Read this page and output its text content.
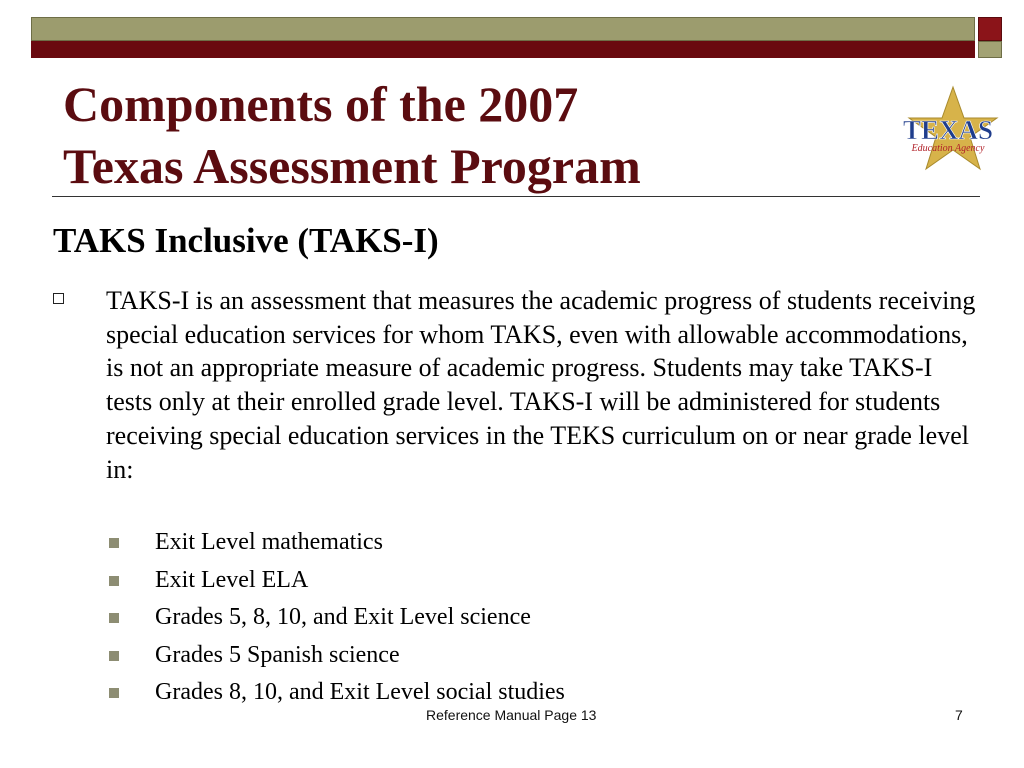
Components of the 2007
Texas Assessment Program
TEXAS
Education Agency
TAKS Inclusive (TAKS-I)

TAKS-I is an assessment that measures the academic progress of students receiving special education services for whom TAKS, even with allowable accommodations, is not an appropriate measure of academic progress. Students may take TAKS-I tests only at their enrolled grade level. TAKS-I will be administered for students receiving special education services in the TEKS curriculum on or near grade level in:

Exit Level mathematics
Exit Level ELA
Grades 5, 8, 10, and Exit Level science
Grades 5 Spanish science
Grades 8, 10, and Exit Level social studies
Reference Manual Page 13	7
